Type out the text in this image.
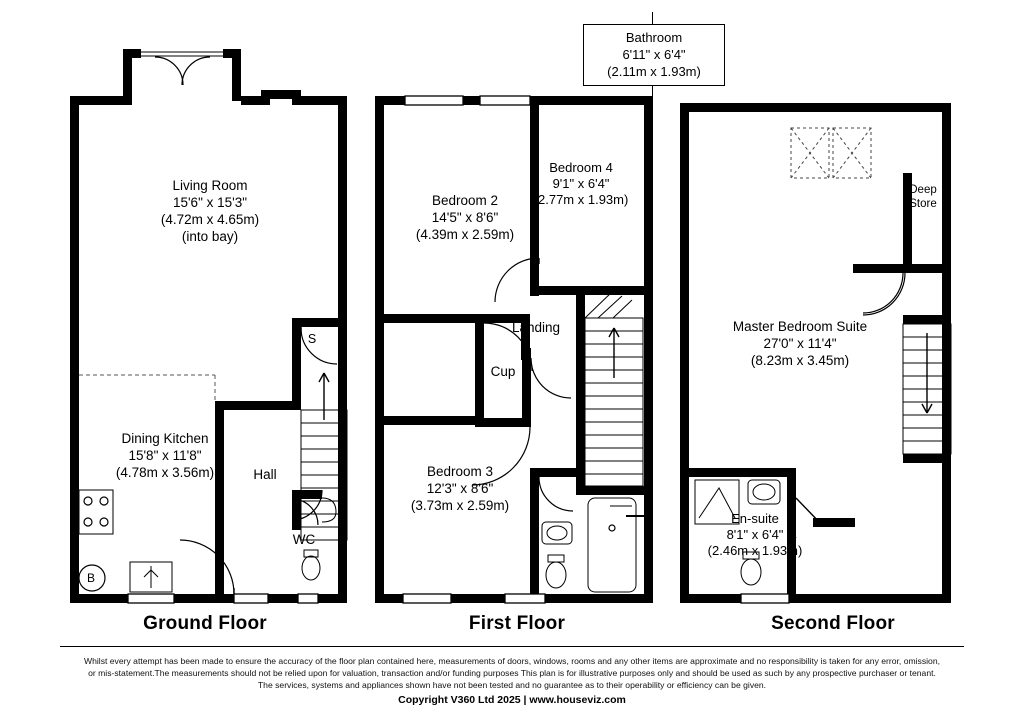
Bathroom
6'11" x 6'4"
(2.11m x 1.93m)
Living Room
15'6" x 15'3"
(4.72m x 4.65m)
(into bay)
Dining Kitchen
15'8" x 11'8"
(4.78m x 3.56m)
S
Hall
WC
B
Ground Floor
Bedroom 2
14'5" x 8'6"
(4.39m x 2.59m)
Bedroom 4
9'1" x 6'4"
(2.77m x 1.93m)
Bedroom 3
12'3" x 8'6"
(3.73m x 2.59m)
Landing
Cup
First Floor
Master Bedroom Suite
27'0" x 11'4"
(8.23m x 3.45m)
En-suite
8'1" x 6'4"
(2.46m x 1.93m)
Deep
Store
Second Floor
Whilst every attempt has been made to ensure the accuracy of the floor plan contained here, measurements of doors, windows, rooms and any other items are approximate and no responsibility is taken for any error, omission,
or mis-statement.The measurements should not be relied upon for valuation, transaction and/or funding purposes This plan is for illustrative purposes only and should be used as such by any prospective purchaser or tenant.
The services, systems and appliances shown have not been tested and no guarantee as to their operability or efficiency can be given.
Copyright V360 Ltd 2025 | www.houseviz.com
